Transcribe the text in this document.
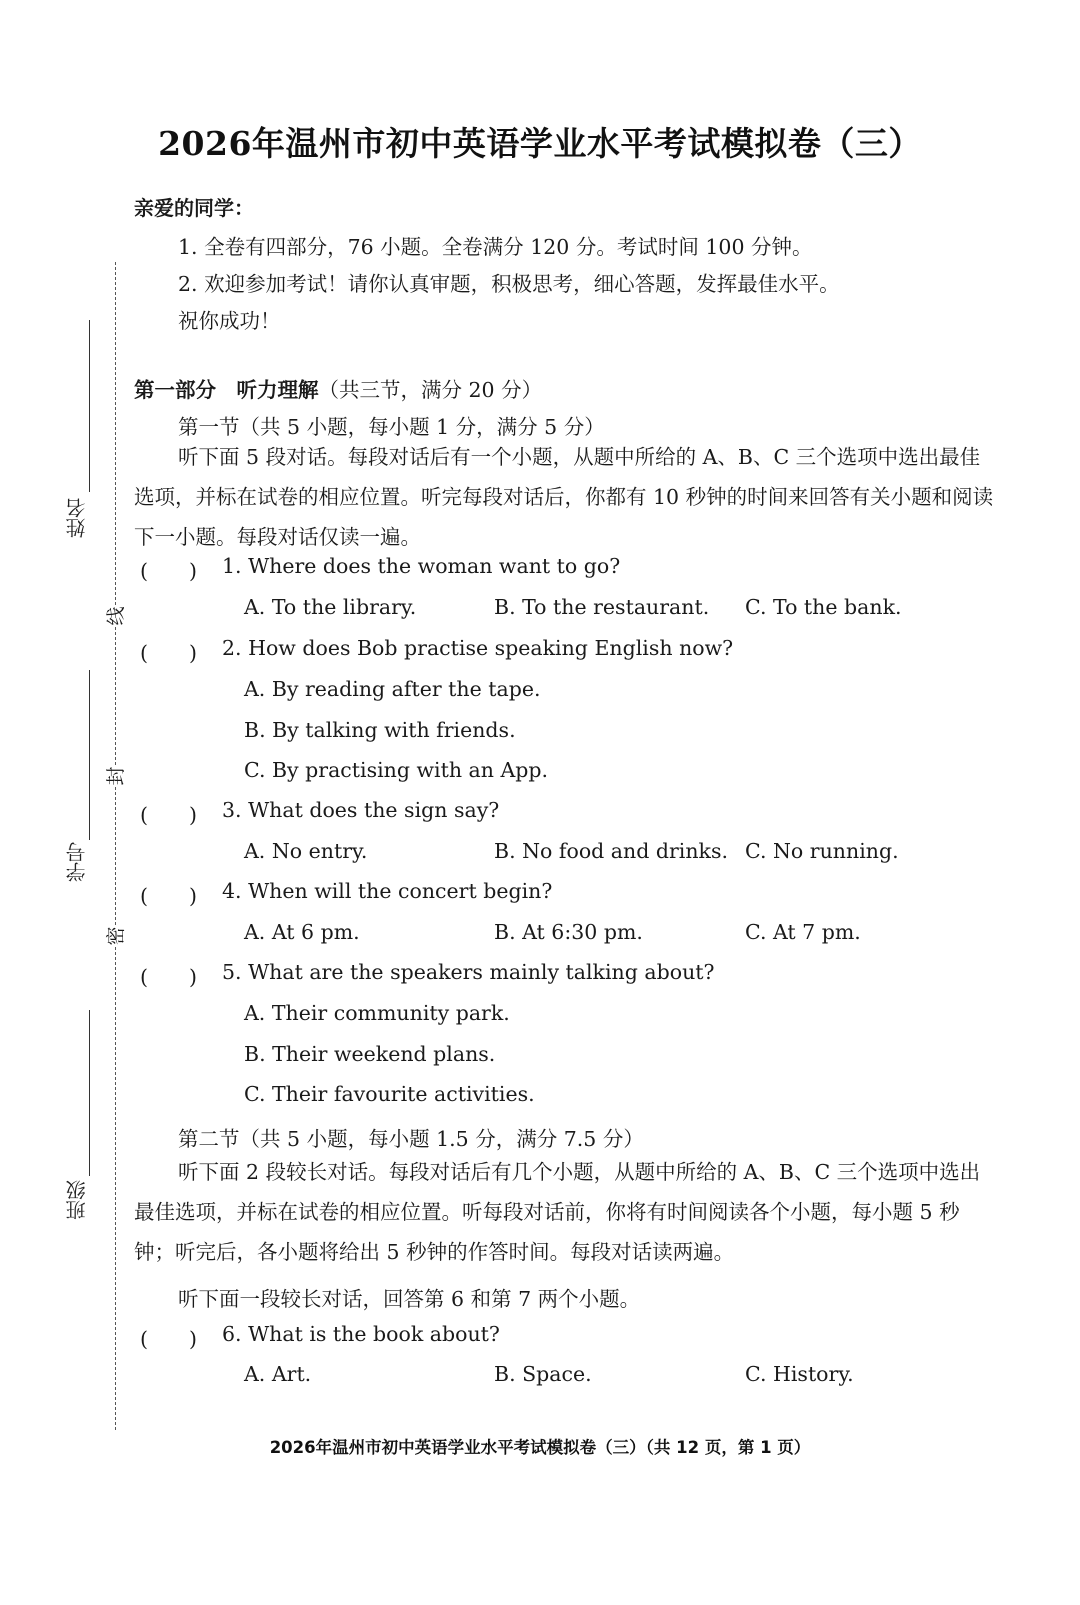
姓名
学号
班级
线
封
密
2026年温州市初中英语学业水平考试模拟卷（三）
亲爱的同学：
1. 全卷有四部分，76 小题。全卷满分 120 分。考试时间 100 分钟。
2. 欢迎参加考试！请你认真审题，积极思考，细心答题，发挥最佳水平。
祝你成功！
第一部分　听力理解（共三节，满分 20 分）
第一节（共 5 小题，每小题 1 分，满分 5 分）
听下面 5 段对话。每段对话后有一个小题，从题中所给的 A、B、C 三个选项中选出最佳选项，并标在试卷的相应位置。听完每段对话后，你都有 10 秒钟的时间来回答有关小题和阅读下一小题。每段对话仅读一遍。
(　　) 1. Where does the woman want to go?
A. To the library.	B. To the restaurant. C. To the bank.
(　　) 2. How does Bob practise speaking English now?
A. By reading after the tape.
B. By talking with friends.
C. By practising with an App.
(　　) 3. What does the sign say?
A. No entry.	B. No food and drinks. C. No running.
(　　) 4. When will the concert begin?
A. At 6 pm.	B. At 6:30 pm.	C. At 7 pm.
(　　) 5. What are the speakers mainly talking about?
A. Their community park.
B. Their weekend plans.
C. Their favourite activities.
第二节（共 5 小题，每小题 1.5 分，满分 7.5 分）
听下面 2 段较长对话。每段对话后有几个小题，从题中所给的 A、B、C 三个选项中选出最佳选项，并标在试卷的相应位置。听每段对话前，你将有时间阅读各个小题，每小题 5 秒钟；听完后，各小题将给出 5 秒钟的作答时间。每段对话读两遍。
听下面一段较长对话，回答第 6 和第 7 两个小题。
(　　) 6. What is the book about?
A. Art.	B. Space.	C. History.
2026年温州市初中英语学业水平考试模拟卷（三）（共 12 页，第 1 页）
